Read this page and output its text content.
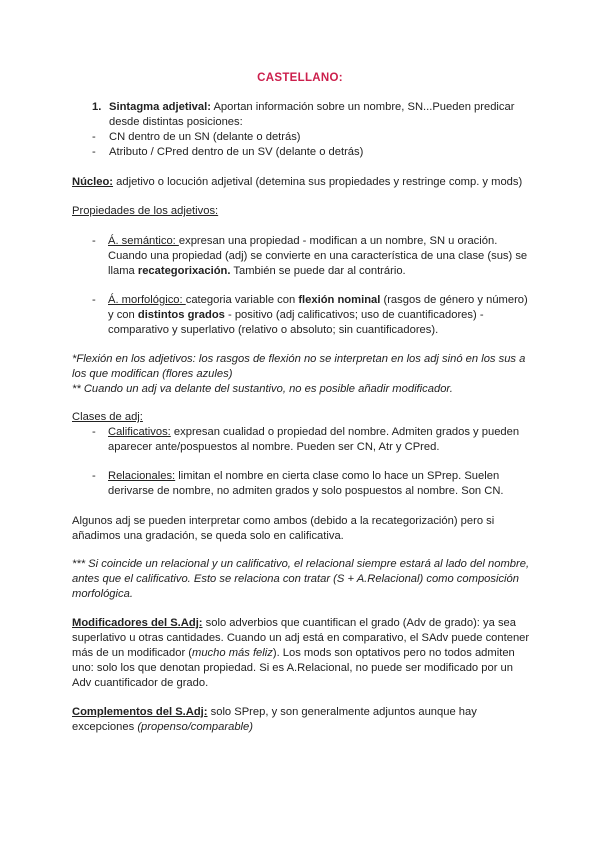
CASTELLANO:
1. Sintagma adjetival: Aportan información sobre un nombre, SN...Pueden predicar
desde distintas posiciones:
- CN dentro de un SN (delante o detrás)
- Atributo / CPred dentro de un SV (delante o detrás)
Núcleo: adjetivo o locución adjetival (detemina sus propiedades y restringe comp. y mods)
Propiedades de los adjetivos:
- Á. semántico: expresan una propiedad - modifican a un nombre, SN u oración.
Cuando una propiedad (adj) se convierte en una característica de una clase (sus) se
llama recategorixación. También se puede dar al contrário.
- Á. morfológico: categoria variable con flexión nominal (rasgos de género y número)
y con distintos grados - positivo (adj calificativos; uso de cuantificadores) -
comparativo y superlativo (relativo o absoluto; sin cuantificadores).
*Flexión en los adjetivos: los rasgos de flexión no se interpretan en los adj sinó en los sus a
los que modifican (flores azules)
** Cuando un adj va delante del sustantivo, no es posible añadir modificador.
Clases de adj:
- Calificativos: expresan cualidad o propiedad del nombre. Admiten grados y pueden
aparecer ante/pospuestos al nombre. Pueden ser CN, Atr y CPred.
- Relacionales: limitan el nombre en cierta clase como lo hace un SPrep. Suelen
derivarse de nombre, no admiten grados y solo pospuestos al nombre. Son CN.
Algunos adj se pueden interpretar como ambos (debido a la recategorización) pero si
añadimos una gradación, se queda solo en calificativa.
*** Si coincide un relacional y un calificativo, el relacional siempre estará al lado del nombre,
antes que el calificativo. Esto se relaciona con tratar (S + A.Relacional) como composición
morfológica.
Modificadores del S.Adj: solo adverbios que cuantifican el grado (Adv de grado): ya sea
superlativo u otras cantidades. Cuando un adj está en comparativo, el SAdv puede contener
más de un modificador (mucho más feliz). Los mods son optativos pero no todos admiten
uno: solo los que denotan propiedad. Si es A.Relacional, no puede ser modificado por un
Adv cuantificador de grado.
Complementos del S.Adj: solo SPrep, y son generalmente adjuntos aunque hay
excepciones (propenso/comparable)
